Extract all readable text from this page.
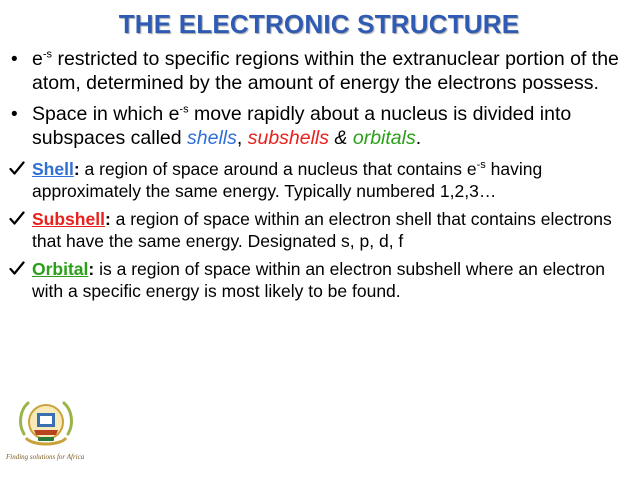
THE ELECTRONIC STRUCTURE
• $e^{-s}$ restricted to specific regions within the extranuclear portion of the atom, determined by the amount of energy the electrons possess.
• Space in which $e^{-s}$ move rapidly about a nucleus is divided into subspaces called shells, subshells & orbitals.
Shell: a region of space around a nucleus that contains $e^{-s}$ having approximately the same energy. Typically numbered 1,2,3…
Subshell: a region of space within an electron shell that contains electrons that have the same energy. Designated s, p, d, f
Orbital: is a region of space within an electron subshell where an electron with a specific energy is most likely to be found.
Finding solutions for Africa
